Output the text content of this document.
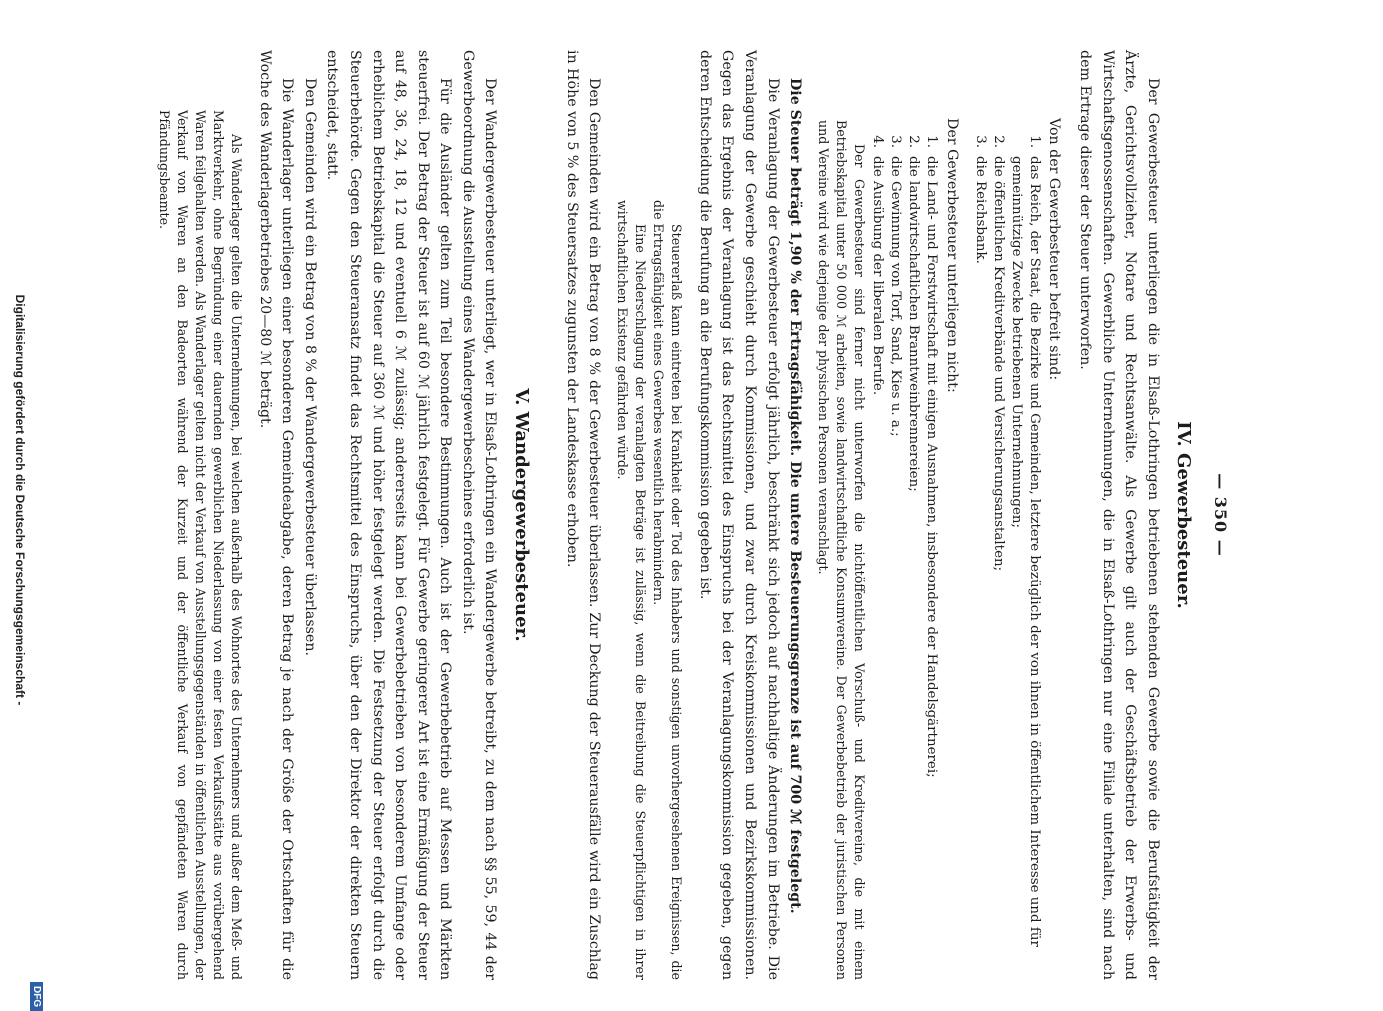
— 350 —
IV. Gewerbesteuer.

Der Gewerbesteuer unterliegen die in Elsaß-Lothringen betriebenen stehenden Gewerbe sowie die Berufstätigkeit der Ärzte, Gerichtsvollzieher, Notare und Rechtsanwälte. Als Gewerbe gilt auch der Geschäftsbetrieb der Erwerbs- und Wirtschaftsgenossenschaften. Gewerbliche Unternehmungen, die in Elsaß-Lothringen nur eine Filiale unterhalten, sind nach dem Ertrage dieser der Steuer unterworfen.

Von der Gewerbesteuer befreit sind:

1.
das Reich, der Staat, die Bezirke und Gemeinden, letztere bezüglich der von ihnen in öffentlichem Interesse und für gemeinnützige Zwecke betriebenen Unternehmungen;
2.
die öffentlichen Kreditverbände und Versicherungsanstalten;
3.
die Reichsbank.

Der Gewerbesteuer unterliegen nicht:

1.
die Land- und Forstwirtschaft mit einigen Ausnahmen, insbesondere der Handelsgärtnerei;
2.
die landwirtschaftlichen Branntweinbrennereien;
3.
die Gewinnung von Torf, Sand, Kies u. a.;
4.
die Ausübung der liberalen Berufe.

Der Gewerbesteuer sind ferner nicht unterworfen die nichtöffentlichen Vorschuß- und Kreditvereine, die mit einem Betriebskapital unter 50 000 ℳ arbeiten, sowie landwirtschaftliche Konsumvereine. Der Gewerbebetrieb der juristischen Personen und Vereine wird wie derjenige der physischen Personen veranschlagt.

Die Steuer beträgt 1,90 % der Ertragsfähigkeit. Die untere Besteuerungsgrenze ist auf 700 ℳ festgelegt.

Die Veranlagung der Gewerbesteuer erfolgt jährlich, beschränkt sich jedoch auf nachhaltige Änderungen im Betriebe. Die Veranlagung der Gewerbe geschieht durch Kommissionen, und zwar durch Kreiskommissionen und Bezirkskommissionen. Gegen das Ergebnis der Veranlagung ist das Rechtsmittel des Einspruchs bei der Veranlagungskommission gegeben, gegen deren Entscheidung die Berufung an die Berufungskommission gegeben ist.

Steuererlaß kann eintreten bei Krankheit oder Tod des Inhabers und sonstigen unvorhergesehenen Ereignissen, die die Ertragsfähigkeit eines Gewerbes wesentlich herabmindern.

Eine Niederschlagung der veranlagten Beträge ist zulässig, wenn die Beitreibung die Steuerpflichtigen in ihrer wirtschaftlichen Existenz gefährden würde.

Den Gemeinden wird ein Betrag von 8 % der Gewerbesteuer überlassen. Zur Deckung der Steuerausfälle wird ein Zuschlag in Höhe von 5 % des Steuersatzes zugunsten der Landeskasse erhoben.

V. Wandergewerbesteuer.

Der Wandergewerbesteuer unterliegt, wer in Elsaß-Lothringen ein Wandergewerbe betreibt, zu dem nach §§ 55, 59, 44 der Gewerbeordnung die Ausstellung eines Wandergewerbescheines erforderlich ist.

Für die Ausländer gelten zum Teil besondere Bestimmungen. Auch ist der Gewerbebetrieb auf Messen und Märkten steuerfrei. Der Betrag der Steuer ist auf 60 ℳ jährlich festgelegt. Für Gewerbe geringerer Art ist eine Ermäßigung der Steuer auf 48, 36, 24, 18, 12 und eventuell 6 ℳ zulässig; andererseits kann bei Gewerbebetrieben von besonderem Umfange oder erheblichem Betriebskapital die Steuer auf 360 ℳ und höher festgelegt werden. Die Festsetzung der Steuer erfolgt durch die Steuerbehörde. Gegen den Steueransatz findet das Rechtsmittel des Einspruchs, über den der Direktor der direkten Steuern entscheidet, statt.

Den Gemeinden wird ein Betrag von 8 % der Wandergewerbesteuer überlassen.

Die Wanderlager unterliegen einer besonderen Gemeindeabgabe, deren Betrag je nach der Größe der Ortschaften für die Woche des Wanderlagerbetriebes 20—80 ℳ beträgt.

Als Wanderlager gelten die Unternehmungen, bei welchen außerhalb des Wohnortes des Unternehmers und außer dem Meß- und Marktverkehr, ohne Begründung einer dauernden gewerblichen Niederlassung von einer festen Verkaufsstätte aus vorübergehend Waren feilgehalten werden. Als Wanderlager gelten nicht der Verkauf von Ausstellungsgegenständen in öffentlichen Ausstellungen, der Verkauf von Waren an den Badeorten während der Kurzeit und der öffentliche Verkauf von gepfändeten Waren durch Pfändungsbeamte.

Digitalisierung gefördert durch die Deutsche Forschungsgemeinschaft -
DFG
